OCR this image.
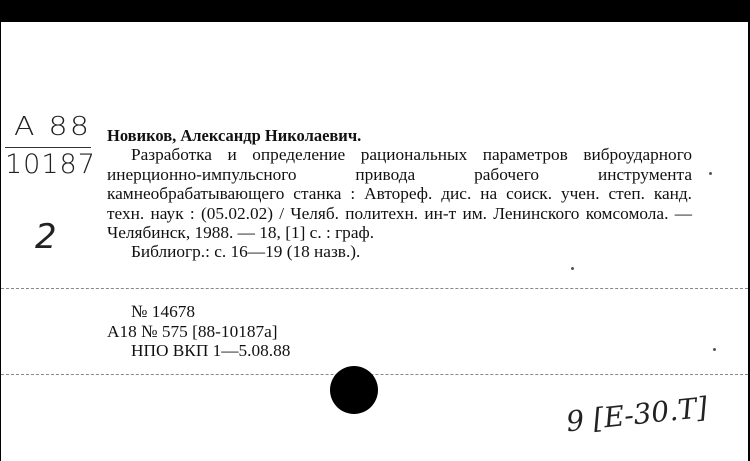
А 88
10187
2
Новиков, Александр Николаевич.

Разработка и определение рациональных параметров виброударного инерционно-импульсного привода рабочего инструмента камнеобрабатывающего станка : Автореф. дис. на соиск. учен. степ. канд. техн. наук : (05.02.02) / Челяб. политехн. ин-т им. Ленинского комсомола. — Челябинск, 1988. — 18, [1] с. : граф.

Библиогр.: с. 16—19 (18 назв.).

№ 14678
А18 № 575 [88-10187а]
НПО ВКП 1—5.08.88
9 [Е-30.Т]
